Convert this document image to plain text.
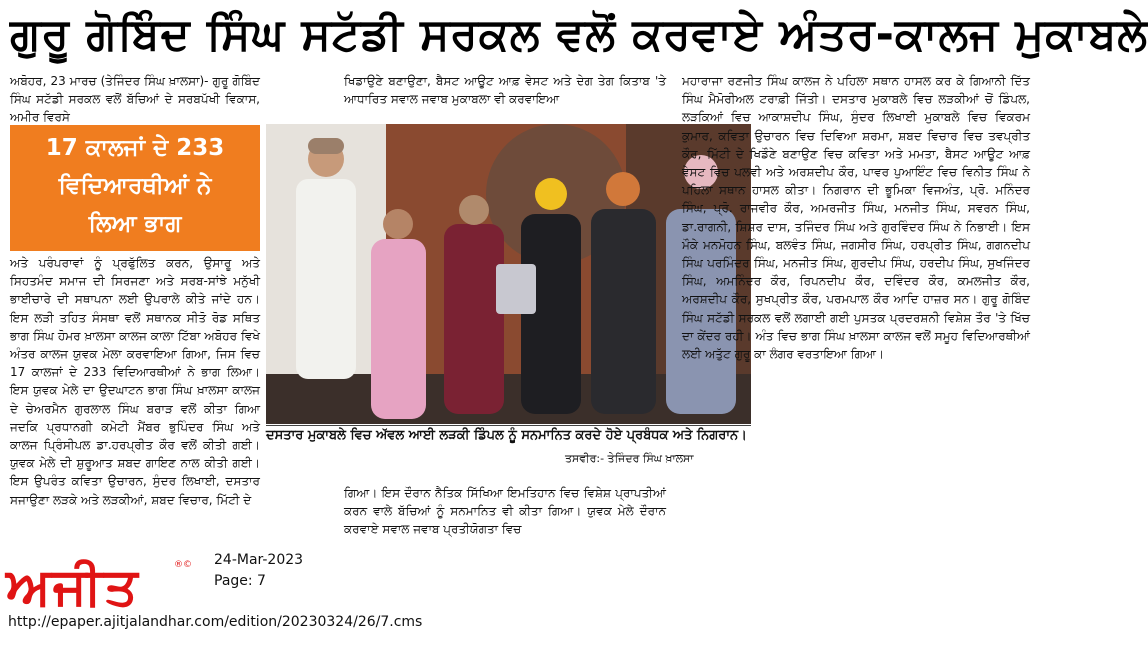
ਗੁਰੂ ਗੋਬਿੰਦ ਸਿੰਘ ਸਟੱਡੀ ਸਰਕਲ ਵਲੋਂ ਕਰਵਾਏ ਅੰਤਰ-ਕਾਲਜ ਮੁਕਾਬਲੇ
ਅਬੋਹਰ, 23 ਮਾਰਚ (ਤੇਜਿੰਦਰ ਸਿੰਘ ਖ਼ਾਲਸਾ)- ਗੁਰੂ ਗੋਬਿੰਦ ਸਿੰਘ ਸਟੱਡੀ ਸਰਕਲ ਵਲੋਂ ਬੱਚਿਆਂ ਦੇ ਸਰਬਪੱਖੀ ਵਿਕਾਸ, ਅਮੀਰ ਵਿਰਸੇ
17 ਕਾਲਜਾਂ ਦੇ 233
ਵਿਦਿਆਰਥੀਆਂ ਨੇ
ਲਿਆ ਭਾਗ
ਅਤੇ ਪਰੰਪਰਾਵਾਂ ਨੂੰ ਪ੍ਰਫੁੱਲਿਤ ਕਰਨ, ਉਸਾਰੂ ਅਤੇ ਸਿਹਤਮੰਦ ਸਮਾਜ ਦੀ ਸਿਰਜਣਾ ਅਤੇ ਸਰਬ-ਸਾਂਝੇ ਮਨੁੱਖੀ ਭਾਈਚਾਰੇ ਦੀ ਸਥਾਪਨਾ ਲਈ ਉਪਰਾਲੇ ਕੀਤੇ ਜਾਂਦੇ ਹਨ। ਇਸ ਲੜੀ ਤਹਿਤ ਸੰਸਥਾ ਵਲੋਂ ਸਥਾਨਕ ਸੀਤੋ ਰੋਡ ਸਥਿਤ ਭਾਗ ਸਿੰਘ ਹੋਮਰ ਖ਼ਾਲਸਾ ਕਾਲਜ ਕਾਲਾ ਟਿੱਬਾ ਅਬੋਹਰ ਵਿਖੇ ਅੰਤਰ ਕਾਲਜ ਯੁਵਕ ਮੇਲਾ ਕਰਵਾਇਆ ਗਿਆ, ਜਿਸ ਵਿਚ 17 ਕਾਲਜਾਂ ਦੇ 233 ਵਿਦਿਆਰਥੀਆਂ ਨੇ ਭਾਗ ਲਿਆ। ਇਸ ਯੁਵਕ ਮੇਲੇ ਦਾ ਉਦਘਾਟਨ ਭਾਗ ਸਿੰਘ ਖ਼ਾਲਸਾ ਕਾਲਜ ਦੇ ਚੇਅਰਮੈਨ ਗੁਰਲਾਲ ਸਿੰਘ ਬਰਾੜ ਵਲੋਂ ਕੀਤਾ ਗਿਆ ਜਦਕਿ ਪ੍ਰਧਾਨਗੀ ਕਮੇਟੀ ਮੈਂਬਰ ਭੁਪਿੰਦਰ ਸਿੰਘ ਅਤੇ ਕਾਲਜ ਪ੍ਰਿੰਸੀਪਲ ਡਾ.ਹਰਪ੍ਰੀਤ ਕੌਰ ਵਲੋਂ ਕੀਤੀ ਗਈ। ਯੁਵਕ ਮੇਲੇ ਦੀ ਸ਼ੁਰੂਆਤ ਸ਼ਬਦ ਗਾਇਣ ਨਾਲ ਕੀਤੀ ਗਈ। ਇਸ ਉਪਰੰਤ ਕਵਿਤਾ ਉਚਾਰਨ, ਸੁੰਦਰ ਲਿਖਾਈ, ਦਸਤਾਰ ਸਜਾਉਣਾ ਲੜਕੇ ਅਤੇ ਲੜਕੀਆਂ, ਸ਼ਬਦ ਵਿਚਾਰ, ਮਿੱਟੀ ਦੇ
ਖਿਡਾਉਣੇ ਬਣਾਉਣਾ, ਬੈਸਟ ਆਊਟ ਆਫ਼ ਵੇਸਟ ਅਤੇ ਦੇਗ ਤੇਗ ਕਿਤਾਬ 'ਤੇ ਆਧਾਰਿਤ ਸਵਾਲ ਜਵਾਬ ਮੁਕਾਬਲਾ ਵੀ ਕਰਵਾਇਆ
ਦਸਤਾਰ ਮੁਕਾਬਲੇ ਵਿਚ ਅੱਵਲ ਆਈ ਲੜਕੀ ਡਿੰਪਲ ਨੂੰ ਸਨਮਾਨਿਤ ਕਰਦੇ ਹੋਏ ਪ੍ਰਬੰਧਕ ਅਤੇ ਨਿਗਰਾਨ।
ਤਸਵੀਰ:- ਤੇਜਿੰਦਰ ਸਿੰਘ ਖ਼ਾਲਸਾ
ਗਿਆ। ਇਸ ਦੌਰਾਨ ਨੈਤਿਕ ਸਿੱਖਿਆ ਇਮਤਿਹਾਨ ਵਿਚ ਵਿਸ਼ੇਸ਼ ਪ੍ਰਾਪਤੀਆਂ ਕਰਨ ਵਾਲੇ ਬੱਚਿਆਂ ਨੂੰ ਸਨਮਾਨਿਤ ਵੀ ਕੀਤਾ ਗਿਆ। ਯੁਵਕ ਮੇਲੇ ਦੌਰਾਨ ਕਰਵਾਏ ਸਵਾਲ ਜਵਾਬ ਪ੍ਰਤੀਯੋਗਤਾ ਵਿਚ
ਮਹਾਰਾਜਾ ਰਣਜੀਤ ਸਿੰਘ ਕਾਲਜ ਨੇ ਪਹਿਲਾ ਸਥਾਨ ਹਾਸਲ ਕਰ ਕੇ ਗਿਆਨੀ ਦਿੱਤ ਸਿੰਘ ਮੈਮੋਰੀਅਲ ਟਰਾਫ਼ੀ ਜਿੱਤੀ। ਦਸਤਾਰ ਮੁਕਾਬਲੇ ਵਿਚ ਲੜਕੀਆਂ ਚੋਂ ਡਿੰਪਲ, ਲੜਕਿਆਂ ਵਿਚ ਆਕਾਸ਼ਦੀਪ ਸਿੰਘ, ਸੁੰਦਰ ਲਿਖਾਈ ਮੁਕਾਬਲੇ ਵਿਚ ਵਿਕਰਮ ਕੁਮਾਰ, ਕਵਿਤਾ ਉਚਾਰਨ ਵਿਚ ਦਿਵਿਆ ਸ਼ਰਮਾ, ਸ਼ਬਦ ਵਿਚਾਰ ਵਿਚ ਤਵਪ੍ਰੀਤ ਕੌਰ, ਮਿੱਟੀ ਦੇ ਖਿਡੌਣੇ ਬਣਾਉਣ ਵਿਚ ਕਵਿਤਾ ਅਤੇ ਮਮਤਾ, ਬੈਸਟ ਆਊਟ ਆਫ਼ ਵੇਸਟ ਵਿਚ ਪਲਵੀ ਅਤੇ ਅਰਸ਼ਦੀਪ ਕੌਰ, ਪਾਵਰ ਪੁਆਇੰਟ ਵਿਚ ਵਿਨੀਤ ਸਿੰਘ ਨੇ ਪਹਿਲਾ ਸਥਾਨ ਹਾਸਲ ਕੀਤਾ। ਨਿਗਰਾਨ ਦੀ ਭੂਮਿਕਾ ਵਿਜਅੰਤ, ਪ੍ਰੋ. ਮਨਿੰਦਰ ਸਿੰਘ, ਪ੍ਰੋ. ਰਾਜਵੀਰ ਕੌਰ, ਅਮਰਜੀਤ ਸਿੰਘ, ਮਨਜੀਤ ਸਿੰਘ, ਸਵਰਨ ਸਿੰਘ, ਡਾ.ਰਾਗਨੀ, ਸ਼ਿਸ਼ਰ ਦਾਸ, ਤਜਿੰਦਰ ਸਿੰਘ ਅਤੇ ਗੁਰਵਿੰਦਰ ਸਿੰਘ ਨੇ ਨਿਭਾਈ। ਇਸ ਮੌਕੇ ਮਨਮੋਹਨ ਸਿੰਘ, ਬਲਵੰਤ ਸਿੰਘ, ਜਗਸੀਰ ਸਿੰਘ, ਹਰਪ੍ਰੀਤ ਸਿੰਘ, ਗਗਨਦੀਪ ਸਿੰਘ ਪਰਮਿੰਦਰ ਸਿੰਘ, ਮਨਜੀਤ ਸਿੰਘ, ਗੁਰਦੀਪ ਸਿੰਘ, ਹਰਦੀਪ ਸਿੰਘ, ਸੁਖਜਿੰਦਰ ਸਿੰਘ, ਅਮਨਿੰਦਰ ਕੌਰ, ਰਿਪਨਦੀਪ ਕੌਰ, ਦਵਿੰਦਰ ਕੌਰ, ਕਮਲਜੀਤ ਕੌਰ, ਅਰਸ਼ਦੀਪ ਕੌਰ, ਸੁਖਪ੍ਰੀਤ ਕੌਰ, ਪਰਮਪਾਲ ਕੌਰ ਆਦਿ ਹਾਜ਼ਰ ਸਨ। ਗੁਰੂ ਗੋਬਿੰਦ ਸਿੰਘ ਸਟੱਡੀ ਸਰਕਲ ਵਲੋਂ ਲਗਾਈ ਗਈ ਪੁਸਤਕ ਪ੍ਰਦਰਸ਼ਨੀ ਵਿਸ਼ੇਸ਼ ਤੌਰ 'ਤੇ ਖਿੱਚ ਦਾ ਕੇਂਦਰ ਰਹੀ। ਅੰਤ ਵਿਚ ਭਾਗ ਸਿੰਘ ਖ਼ਾਲਸਾ ਕਾਲਜ ਵਲੋਂ ਸਮੂਹ ਵਿਦਿਆਰਥੀਆਂ ਲਈ ਅਤੁੱਟ ਗੁਰੂ ਕਾ ਲੰਗਰ ਵਰਤਾਇਆ ਗਿਆ।
ਅਜੀਤ	®© 24-Mar-2023
Page: 7
http://epaper.ajitjalandhar.com/edition/20230324/26/7.cms
